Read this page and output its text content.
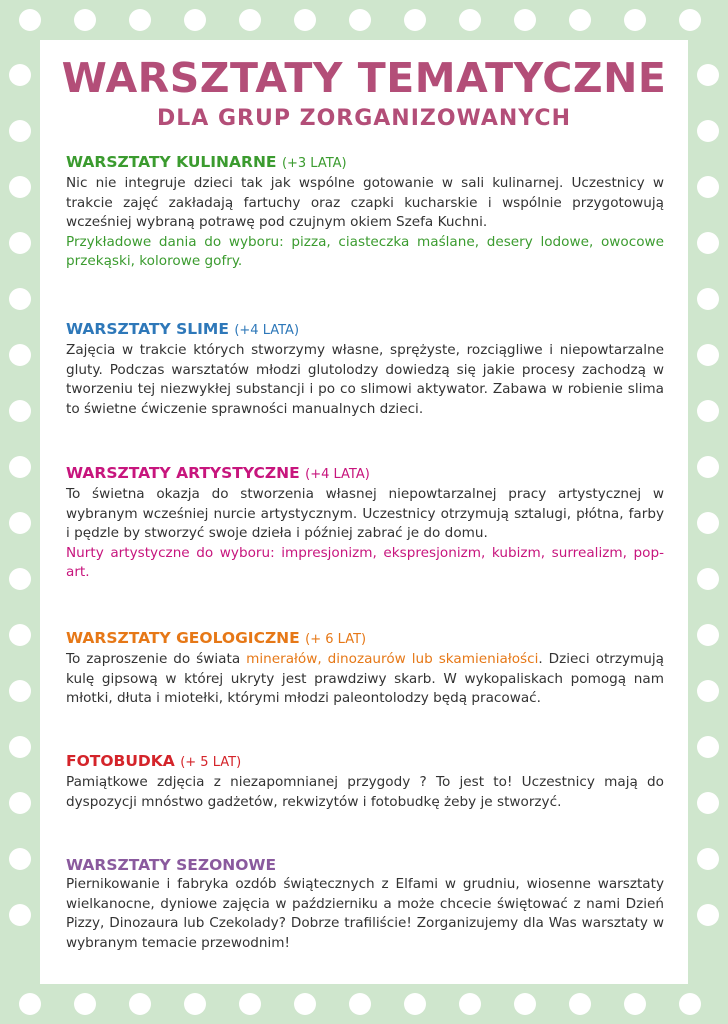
WARSZTATY TEMATYCZNE
DLA GRUP ZORGANIZOWANYCH

WARSZTATY KULINARNE (+3 LATA)

Nic nie integruje dzieci tak jak wspólne gotowanie w sali kulinarnej. Uczestnicy w trakcie zajęć zakładają fartuchy oraz czapki kucharskie i wspólnie przygotowują wcześniej wybraną potrawę pod czujnym okiem Szefa Kuchni.

Przykładowe dania do wyboru: pizza, ciasteczka maślane, desery lodowe, owocowe przekąski, kolorowe gofry.

WARSZTATY SLIME (+4 LATA)

Zajęcia w trakcie których stworzymy własne, sprężyste, rozciągliwe i niepowtarzalne gluty. Podczas warsztatów młodzi glutolodzy dowiedzą się jakie procesy zachodzą w tworzeniu tej niezwykłej substancji i po co slimowi aktywator. Zabawa w robienie slima to świetne ćwiczenie sprawności manualnych dzieci.

WARSZTATY ARTYSTYCZNE (+4 LATA)

To świetna okazja do stworzenia własnej niepowtarzalnej pracy artystycznej w wybranym wcześniej nurcie artystycznym. Uczestnicy otrzymują sztalugi, płótna, farby i pędzle by stworzyć swoje dzieła i później zabrać je do domu.

Nurty artystyczne do wyboru: impresjonizm, ekspresjonizm, kubizm, surrealizm, pop-art.

WARSZTATY GEOLOGICZNE (+ 6 LAT)

To zaproszenie do świata minerałów, dinozaurów lub skamieniałości. Dzieci otrzymują kulę gipsową w której ukryty jest prawdziwy skarb. W wykopaliskach pomogą nam młotki, dłuta i miotełki, którymi młodzi paleontolodzy będą pracować.

FOTOBUDKA (+ 5 LAT)

Pamiątkowe zdjęcia z niezapomnianej przygody ? To jest to! Uczestnicy mają do dyspozycji mnóstwo gadżetów, rekwizytów i fotobudkę żeby je stworzyć.

WARSZTATY SEZONOWE

Piernikowanie i fabryka ozdób świątecznych z Elfami w grudniu, wiosenne warsztaty wielkanocne, dyniowe zajęcia w październiku a może chcecie świętować z nami Dzień Pizzy, Dinozaura lub Czekolady? Dobrze trafiliście! Zorganizujemy dla Was warsztaty w wybranym temacie przewodnim!
